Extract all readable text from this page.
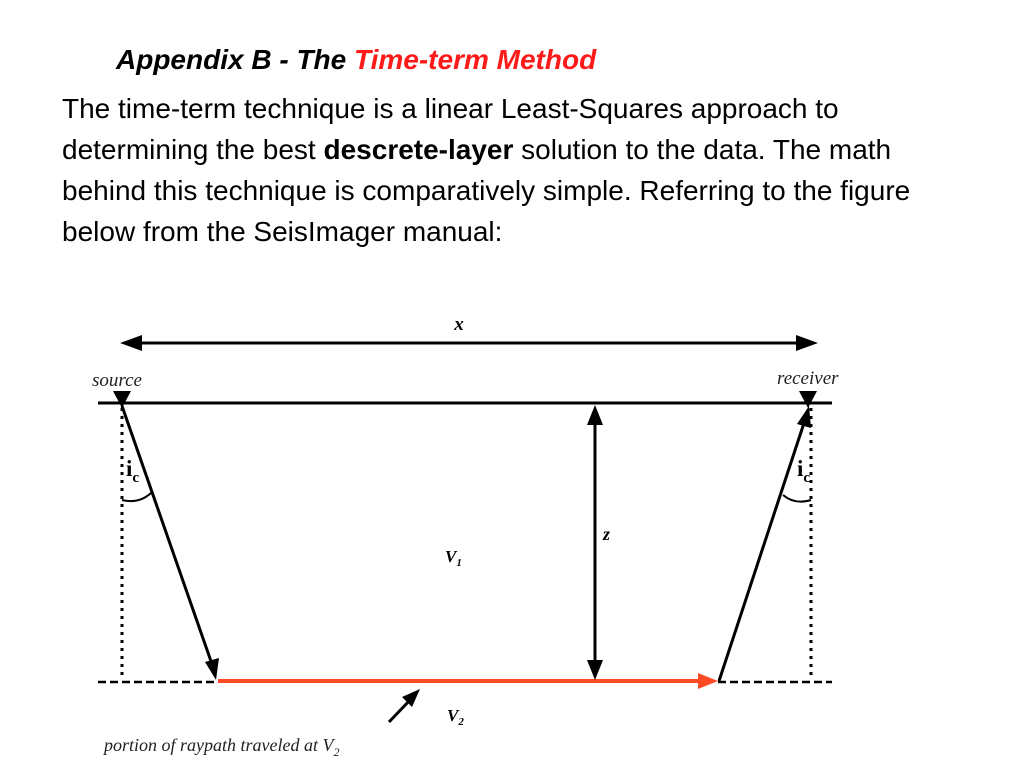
Appendix B - The Time-term Method

The time-term technique is a linear Least-Squares approach to determining the best descrete-layer solution to the data. The math behind this technique is comparatively simple. Referring to the figure below from the SeisImager manual:

x
source	receiver
z
$i_c$	$i_c$
$V_1$
$V_2$
portion of raypath traveled at $V_2$
